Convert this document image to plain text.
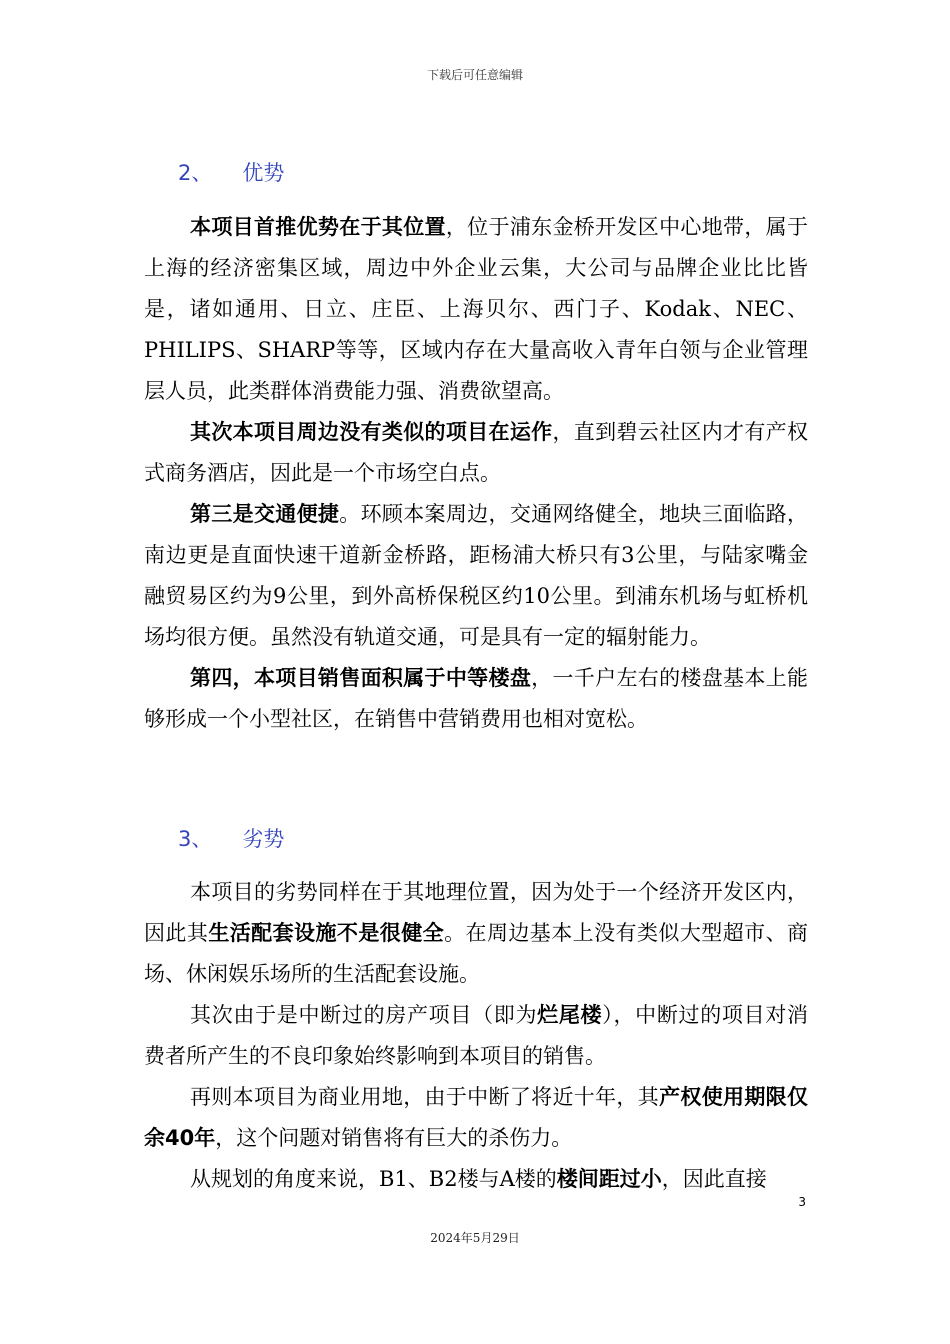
下载后可任意编辑
2、 优势

本项目首推优势在于其位置，位于浦东金桥开发区中心地带，属于上海的经济密集区域，周边中外企业云集，大公司与品牌企业比比皆是，诸如通用、日立、庄臣、上海贝尔、西门子、Kodak、NEC、PHILIPS、SHARP等等，区域内存在大量高收入青年白领与企业管理层人员，此类群体消费能力强、消费欲望高。

其次本项目周边没有类似的项目在运作，直到碧云社区内才有产权式商务酒店，因此是一个市场空白点。

第三是交通便捷。环顾本案周边，交通网络健全，地块三面临路，南边更是直面快速干道新金桥路，距杨浦大桥只有3公里，与陆家嘴金融贸易区约为9公里，到外高桥保税区约10公里。到浦东机场与虹桥机场均很方便。虽然没有轨道交通，可是具有一定的辐射能力。

第四，本项目销售面积属于中等楼盘，一千户左右的楼盘基本上能够形成一个小型社区，在销售中营销费用也相对宽松。

3、 劣势

本项目的劣势同样在于其地理位置，因为处于一个经济开发区内，因此其生活配套设施不是很健全。在周边基本上没有类似大型超市、商场、休闲娱乐场所的生活配套设施。

其次由于是中断过的房产项目（即为烂尾楼），中断过的项目对消费者所产生的不良印象始终影响到本项目的销售。

再则本项目为商业用地，由于中断了将近十年，其产权使用期限仅余40年，这个问题对销售将有巨大的杀伤力。

从规划的角度来说，B1、B2楼与A楼的楼间距过小，因此直接

3
2024年5月29日
